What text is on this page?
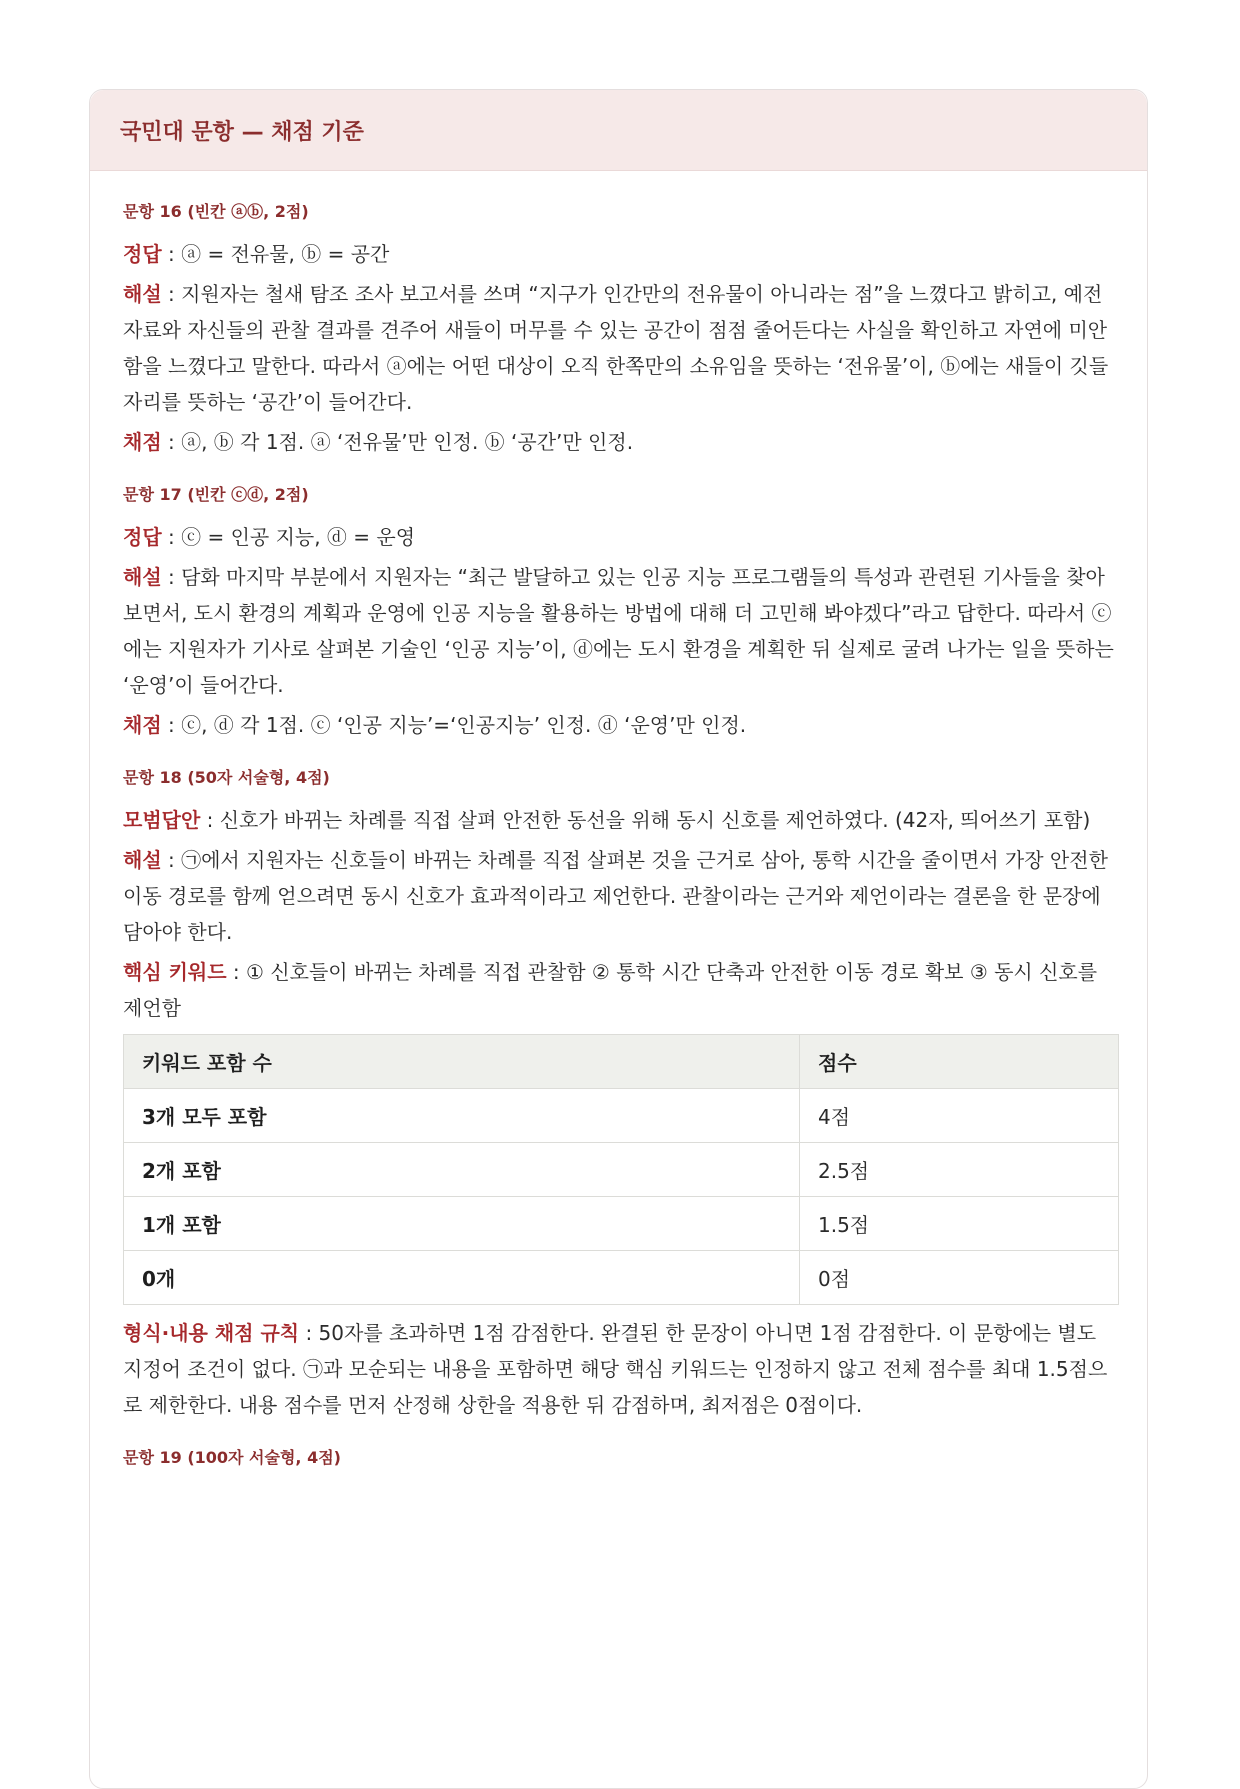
국민대 문항 — 채점 기준
문항 16 (빈칸 ⓐⓑ, 2점)

정답 : ⓐ = 전유물, ⓑ = 공간

해설 : 지원자는 철새 탐조 조사 보고서를 쓰며 “지구가 인간만의 전유물이 아니라는 점”을 느꼈다고 밝히고, 예전 자료와 자신들의 관찰 결과를 견주어 새들이 머무를 수 있는 공간이 점점 줄어든다는 사실을 확인하고 자연에 미안함을 느꼈다고 말한다. 따라서 ⓐ에는 어떤 대상이 오직 한쪽만의 소유임을 뜻하는 ‘전유물’이, ⓑ에는 새들이 깃들 자리를 뜻하는 ‘공간’이 들어간다.

채점 : ⓐ, ⓑ 각 1점. ⓐ ‘전유물’만 인정. ⓑ ‘공간’만 인정.

문항 17 (빈칸 ⓒⓓ, 2점)

정답 : ⓒ = 인공 지능, ⓓ = 운영

해설 : 담화 마지막 부분에서 지원자는 “최근 발달하고 있는 인공 지능 프로그램들의 특성과 관련된 기사들을 찾아보면서, 도시 환경의 계획과 운영에 인공 지능을 활용하는 방법에 대해 더 고민해 봐야겠다”라고 답한다. 따라서 ⓒ에는 지원자가 기사로 살펴본 기술인 ‘인공 지능’이, ⓓ에는 도시 환경을 계획한 뒤 실제로 굴려 나가는 일을 뜻하는 ‘운영’이 들어간다.

채점 : ⓒ, ⓓ 각 1점. ⓒ ‘인공 지능’=‘인공지능’ 인정. ⓓ ‘운영’만 인정.

문항 18 (50자 서술형, 4점)

모범답안 : 신호가 바뀌는 차례를 직접 살펴 안전한 동선을 위해 동시 신호를 제언하였다. (42자, 띄어쓰기 포함)

해설 : ㉠에서 지원자는 신호들이 바뀌는 차례를 직접 살펴본 것을 근거로 삼아, 통학 시간을 줄이면서 가장 안전한 이동 경로를 함께 얻으려면 동시 신호가 효과적이라고 제언한다. 관찰이라는 근거와 제언이라는 결론을 한 문장에 담아야 한다.

핵심 키워드 : ① 신호들이 바뀌는 차례를 직접 관찰함 ② 통학 시간 단축과 안전한 이동 경로 확보 ③ 동시 신호를 제언함

키워드 포함 수	점수
3개 모두 포함	4점
2개 포함	2.5점
1개 포함	1.5점
0개	0점

형식·내용 채점 규칙 : 50자를 초과하면 1점 감점한다. 완결된 한 문장이 아니면 1점 감점한다. 이 문항에는 별도 지정어 조건이 없다. ㉠과 모순되는 내용을 포함하면 해당 핵심 키워드는 인정하지 않고 전체 점수를 최대 1.5점으로 제한한다. 내용 점수를 먼저 산정해 상한을 적용한 뒤 감점하며, 최저점은 0점이다.

문항 19 (100자 서술형, 4점)
